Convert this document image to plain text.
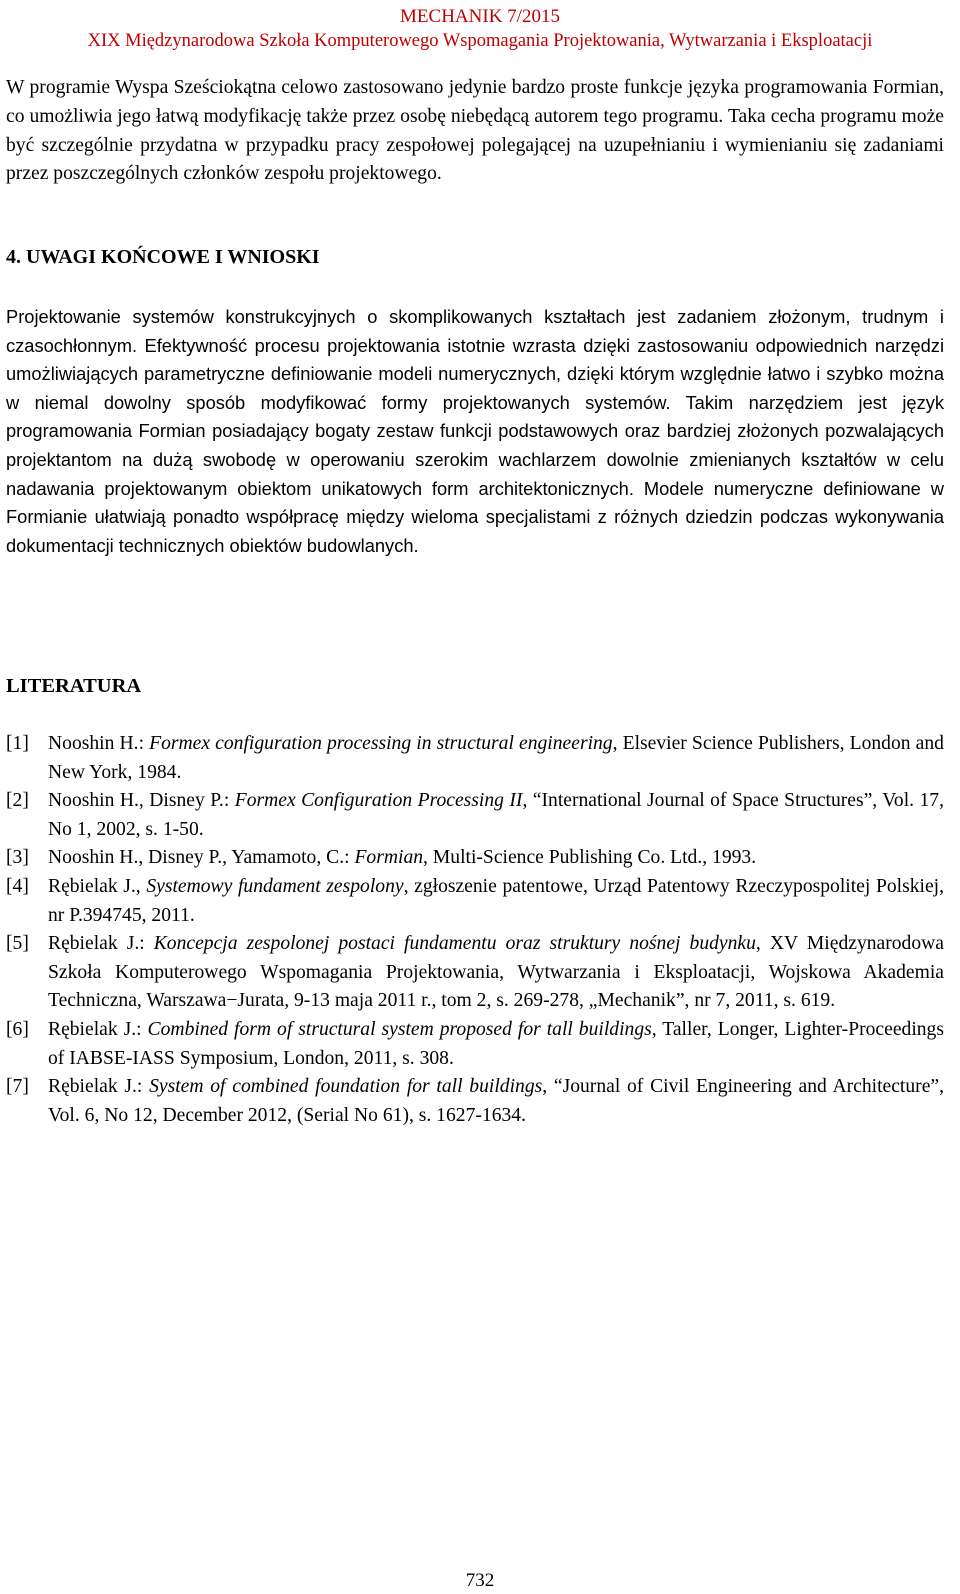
MECHANIK 7/2015
XIX Międzynarodowa Szkoła Komputerowego Wspomagania Projektowania, Wytwarzania i Eksploatacji
W programie Wyspa Sześciokątna celowo zastosowano jedynie bardzo proste funkcje języka programowania Formian, co umożliwia jego łatwą modyfikację także przez osobę niebędącą autorem tego programu. Taka cecha programu może być szczególnie przydatna w przypadku pracy zespołowej polegającej na uzupełnianiu i wymienianiu się zadaniami przez poszczególnych członków zespołu projektowego.
4. UWAGI KOŃCOWE I WNIOSKI
Projektowanie systemów konstrukcyjnych o skomplikowanych kształtach jest zadaniem złożonym, trudnym i czasochłonnym. Efektywność procesu projektowania istotnie wzrasta dzięki zastosowaniu odpowiednich narzędzi umożliwiających parametryczne definiowanie modeli numerycznych, dzięki którym względnie łatwo i szybko można w niemal dowolny sposób modyfikować formy projektowanych systemów. Takim narzędziem jest język programowania Formian posiadający bogaty zestaw funkcji podstawowych oraz bardziej złożonych pozwalających projektantom na dużą swobodę w operowaniu szerokim wachlarzem dowolnie zmienianych kształtów w celu nadawania projektowanym obiektom unikatowych form architektonicznych. Modele numeryczne definiowane w Formianie ułatwiają ponadto współpracę między wieloma specjalistami z różnych dziedzin podczas wykonywania dokumentacji technicznych obiektów budowlanych.
LITERATURA
[1] Nooshin H.: Formex configuration processing in structural engineering, Elsevier Science Publishers, London and New York, 1984.
[2] Nooshin H., Disney P.: Formex Configuration Processing II, “International Journal of Space Structures”, Vol. 17, No 1, 2002, s. 1-50.
[3] Nooshin H., Disney P., Yamamoto, C.: Formian, Multi-Science Publishing Co. Ltd., 1993.
[4] Rębielak J., Systemowy fundament zespolony, zgłoszenie patentowe, Urząd Patentowy Rzeczypospolitej Polskiej, nr P.394745, 2011.
[5] Rębielak J.: Koncepcja zespolonej postaci fundamentu oraz struktury nośnej budynku, XV Międzynarodowa Szkoła Komputerowego Wspomagania Projektowania, Wytwarzania i Eksploatacji, Wojskowa Akademia Techniczna, Warszawa−Jurata, 9-13 maja 2011 r., tom 2, s. 269-278, „Mechanik”, nr 7, 2011, s. 619.
[6] Rębielak J.: Combined form of structural system proposed for tall buildings, Taller, Longer, Lighter-Proceedings of IABSE-IASS Symposium, London, 2011, s. 308.
[7] Rębielak J.: System of combined foundation for tall buildings, “Journal of Civil Engineering and Architecture”, Vol. 6, No 12, December 2012, (Serial No 61), s. 1627-1634.
732
